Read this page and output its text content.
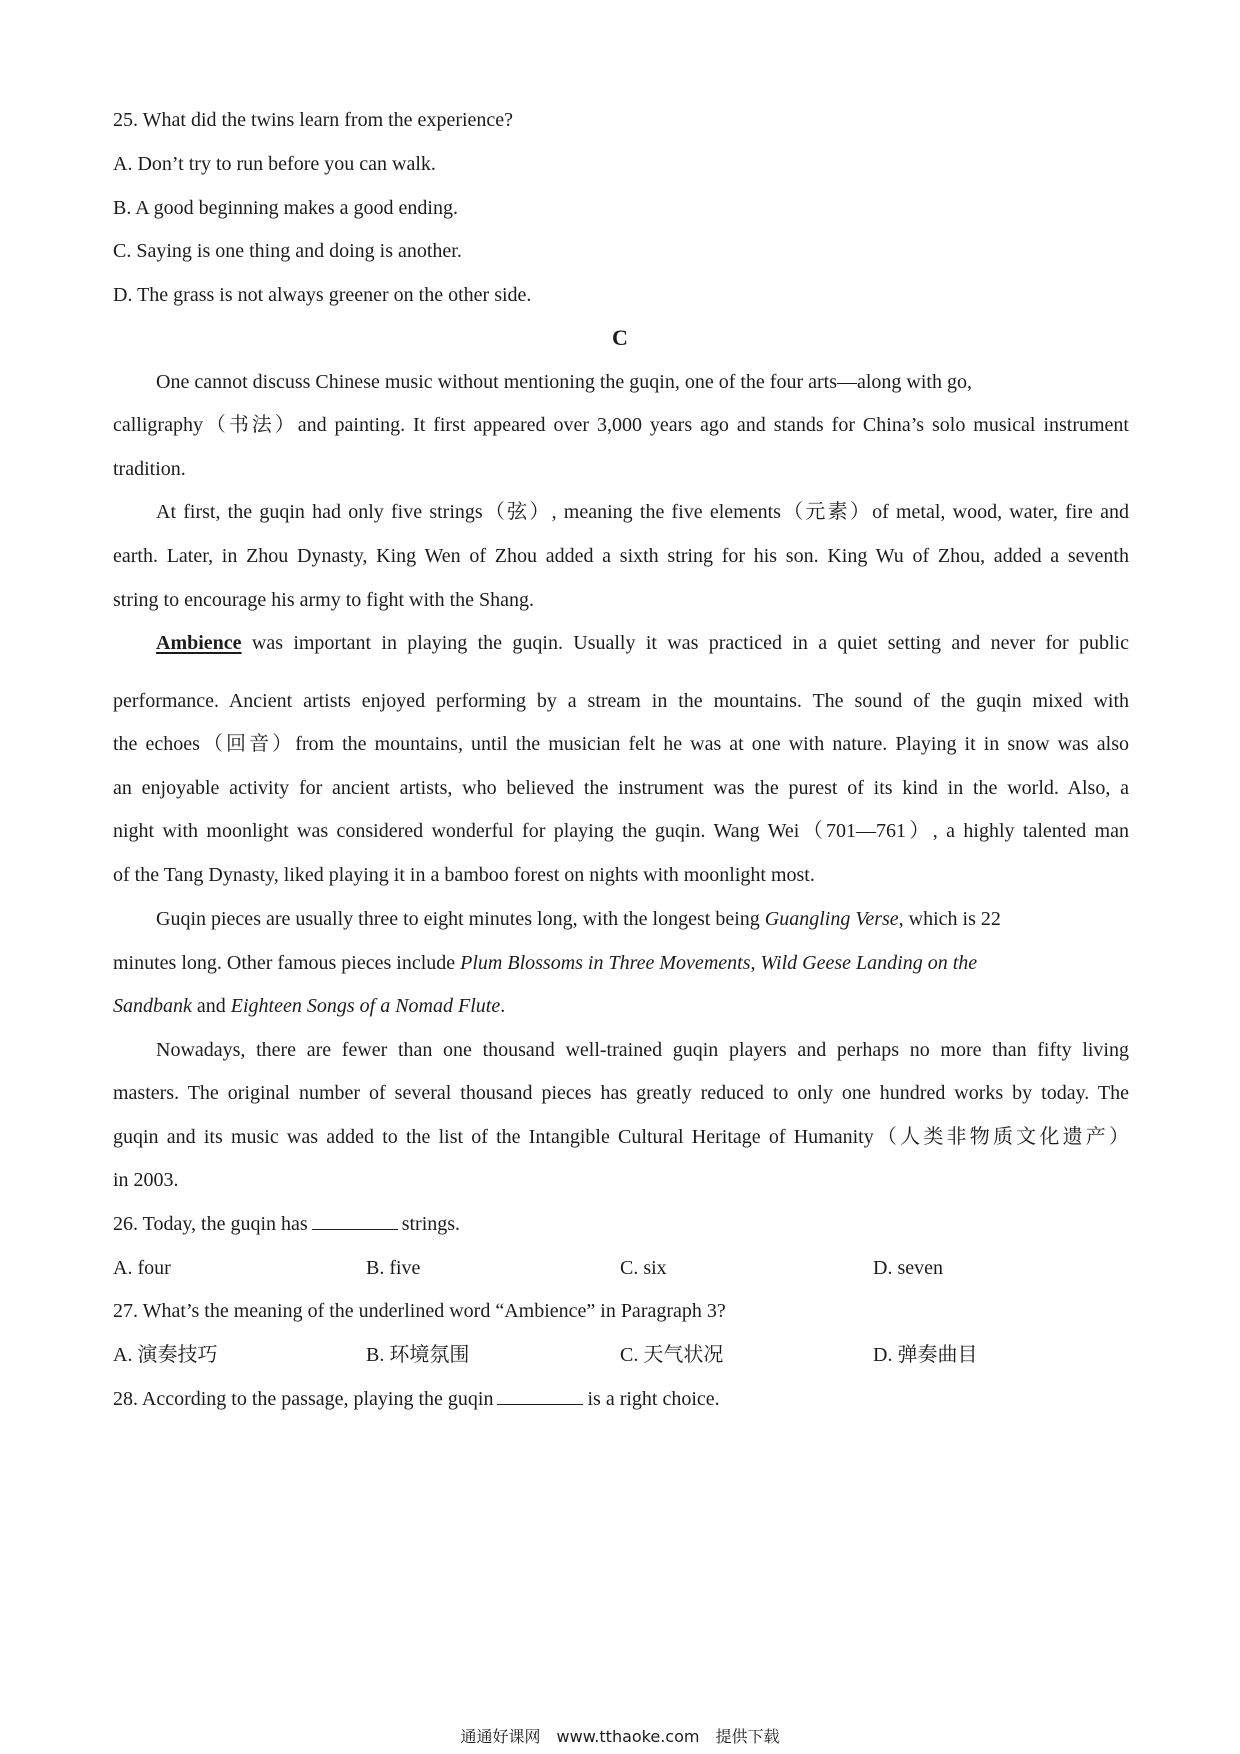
25. What did the twins learn from the experience?
A. Don’t try to run before you can walk.
B. A good beginning makes a good ending.
C. Saying is one thing and doing is another.
D. The grass is not always greener on the other side.
C
One cannot discuss Chinese music without mentioning the guqin, one of the four arts—along with go,
calligraphy（书法）and painting. It first appeared over 3,000 years ago and stands for China’s solo musical instrument
tradition.
At first, the guqin had only five strings（弦）, meaning the five elements（元素）of metal, wood, water, fire and
earth. Later, in Zhou Dynasty, King Wen of Zhou added a sixth string for his son. King Wu of Zhou, added a seventh
string to encourage his army to fight with the Shang.
Ambience was important in playing the guqin. Usually it was practiced in a quiet setting and never for public
performance. Ancient artists enjoyed performing by a stream in the mountains. The sound of the guqin mixed with
the echoes（回音）from the mountains, until the musician felt he was at one with nature. Playing it in snow was also
an enjoyable activity for ancient artists, who believed the instrument was the purest of its kind in the world. Also, a
night with moonlight was considered wonderful for playing the guqin. Wang Wei（701—761）, a highly talented man
of the Tang Dynasty, liked playing it in a bamboo forest on nights with moonlight most.
Guqin pieces are usually three to eight minutes long, with the longest being Guangling Verse, which is 22
minutes long. Other famous pieces include Plum Blossoms in Three Movements, Wild Geese Landing on the
Sandbank and Eighteen Songs of a Nomad Flute.
Nowadays, there are fewer than one thousand well-trained guqin players and perhaps no more than fifty living
masters. The original number of several thousand pieces has greatly reduced to only one hundred works by today. The
guqin and its music was added to the list of the Intangible Cultural Heritage of Humanity（人类非物质文化遗产）
in 2003.
26. Today, the guqin has	strings.
A. four	B. five	C. six	D. seven
27. What’s the meaning of the underlined word “Ambience” in Paragraph 3?
A. 演奏技巧	B. 环境氛围	C. 天气状况	D. 弹奏曲目
28. According to the passage, playing the guqin	is a right choice.
通通好课网　www.tthaoke.com　提供下载
